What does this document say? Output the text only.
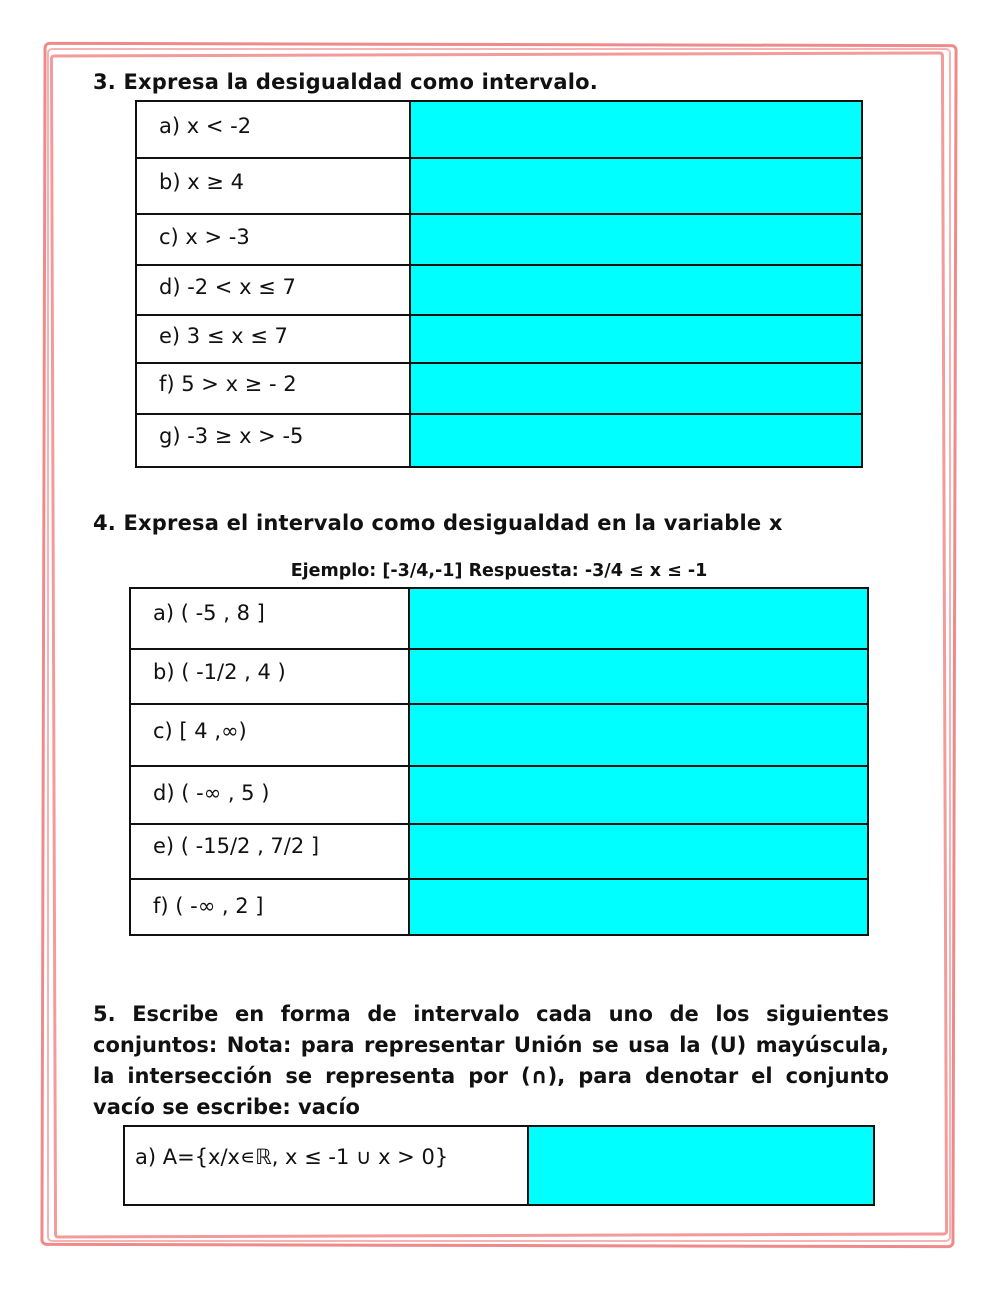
3. Expresa la desigualdad como intervalo.
a) x < -2	
b) x ≥ 4	
c) x > -3	
d) -2 < x ≤ 7	
e) 3 ≤ x ≤ 7	
f) 5 > x ≥ - 2	
g) -3 ≥ x > -5	
4. Expresa el intervalo como desigualdad en la variable x

Ejemplo: [-3/4,-1] Respuesta: -3/4 ≤ x ≤ -1

a) ( -5 , 8 ]	
b) ( -1/2 , 4 )	
c) [ 4 ,∞)	
d) ( -∞ , 5 )	
e) ( -15/2 , 7/2 ]	
f) ( -∞ , 2 ]	

5. Escribe en forma de intervalo cada uno de los siguientes conjuntos: Nota: para representar Unión se usa la (U) mayúscula, la intersección se representa por (∩), para denotar el conjunto vacío se escribe: vacío

a) A={x/x∊ℝ, x ≤ -1 ∪ x > 0}	
